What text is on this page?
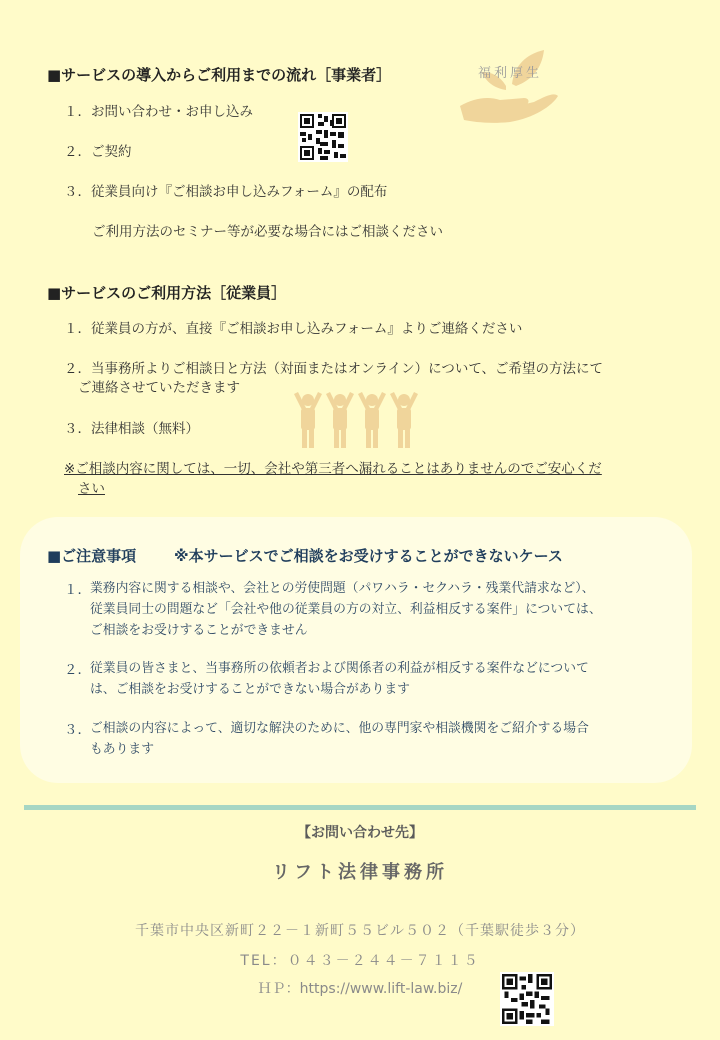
■サービスの導入からご利用までの流れ［事業者］	福利厚生
１．お問い合わせ・お申し込み
２．ご契約
３．従業員向け『ご相談お申し込みフォーム』の配布
ご利用方法のセミナー等が必要な場合にはご相談ください
■サービスのご利用方法［従業員］
１．従業員の方が、直接『ご相談お申し込みフォーム』よりご連絡ください
２．当事務所よりご相談日と方法（対面またはオンライン）について、ご希望の方法にて
ご連絡させていただきます
３．法律相談（無料）
※ご相談内容に関しては、一切、会社や第三者へ漏れることはありませんのでご安心くだ
さい
■ご注意事項	※本サービスでご相談をお受けすることができないケース
１． 業務内容に関する相談や、会社との労使問題（パワハラ・セクハラ・残業代請求など）、
従業員同士の問題など「会社や他の従業員の方の対立、利益相反する案件」については、
ご相談をお受けすることができません
２． 従業員の皆さまと、当事務所の依頼者および関係者の利益が相反する案件などについて
は、ご相談をお受けすることができない場合があります
３． ご相談の内容によって、適切な解決のために、他の専門家や相談機関をご紹介する場合
もあります
【お問い合わせ先】
リフト法律事務所
千葉市中央区新町２２－１新町５５ビル５０２（千葉駅徒歩３分）
TEL：０４３－２４４－７１１５
ＨＰ：https://www.lift-law.biz/
